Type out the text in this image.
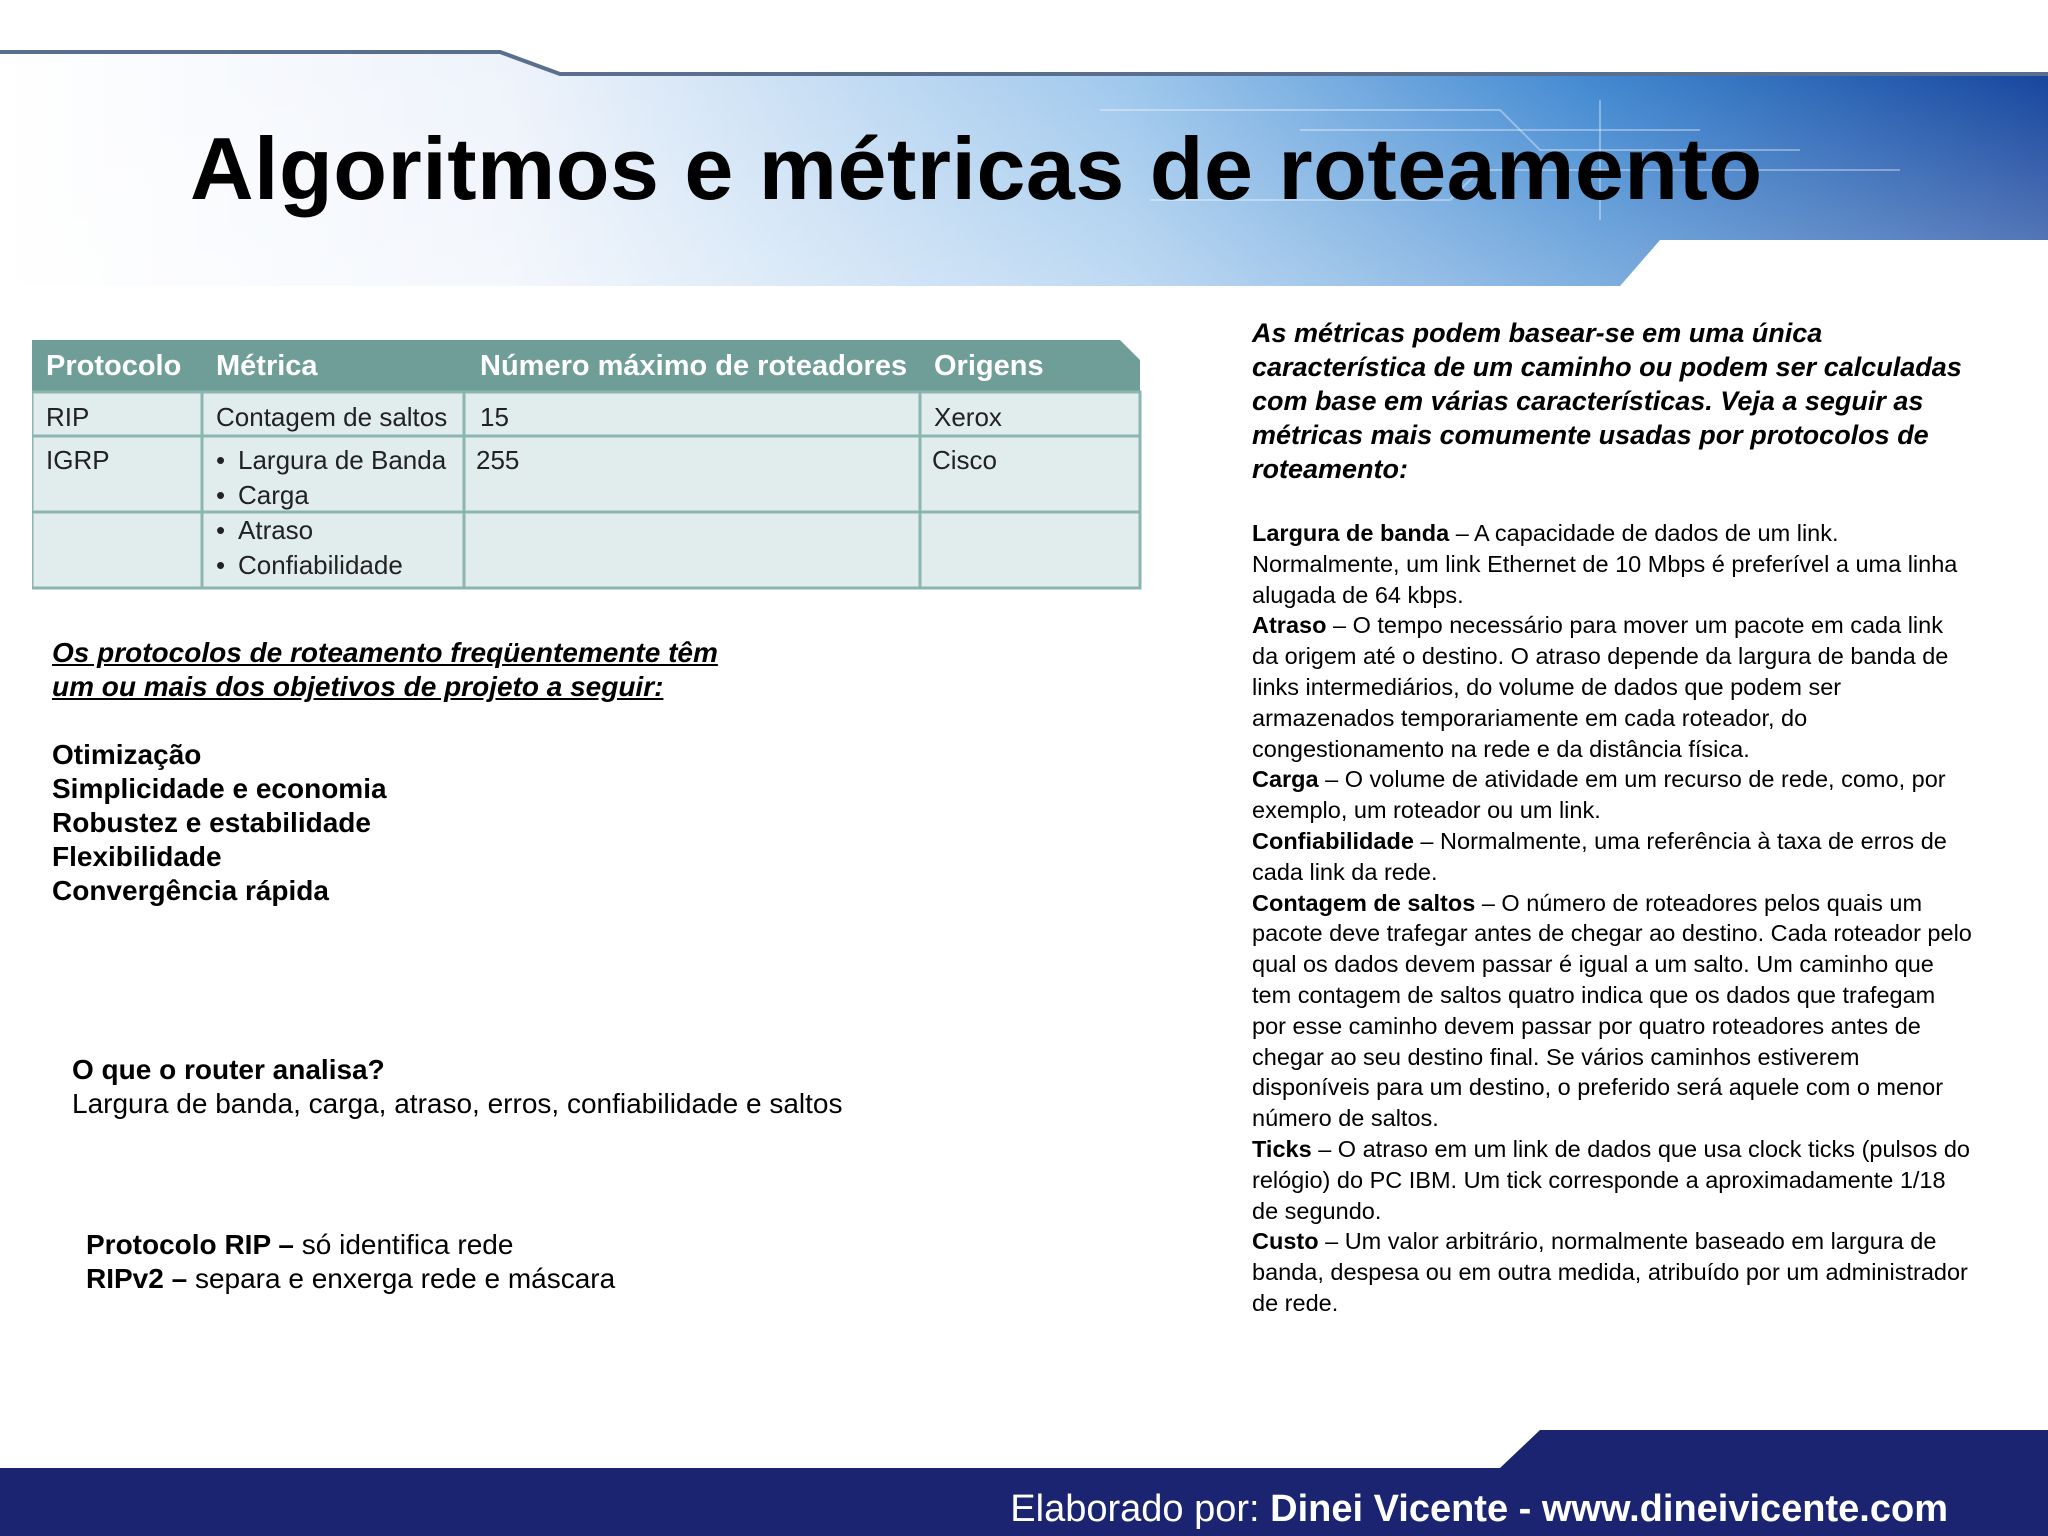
Algoritmos e métricas de roteamento
Protocolo Métrica	Número máximo de roteadores Origens
RIP	Contagem de saltos 15	Xerox
IGRP
•	Largura de Banda
• Carga
• Atraso
• Confiabilidade
255	Cisco
Os protocolos de roteamento freqüentemente têm
um ou mais dos objetivos de projeto a seguir:
Otimização
Simplicidade e economia
Robustez e estabilidade
Flexibilidade
Convergência rápida
O que o router analisa?
Largura de banda, carga, atraso, erros, confiabilidade e saltos
Protocolo RIP – só identifica rede
RIPv2 – separa e enxerga rede e máscara

As métricas podem basear-se em uma única característica de um caminho ou podem ser calculadas com base em várias características. Veja a seguir as métricas mais comumente usadas por protocolos de roteamento:

Largura de banda – A capacidade de dados de um link. Normalmente, um link Ethernet de 10 Mbps é preferível a uma linha alugada de 64 kbps.
Atraso – O tempo necessário para mover um pacote em cada link da origem até o destino. O atraso depende da largura de banda de links intermediários, do volume de dados que podem ser armazenados temporariamente em cada roteador, do congestionamento na rede e da distância física.
Carga – O volume de atividade em um recurso de rede, como, por exemplo, um roteador ou um link.
Confiabilidade – Normalmente, uma referência à taxa de erros de cada link da rede.
Contagem de saltos – O número de roteadores pelos quais um pacote deve trafegar antes de chegar ao destino. Cada roteador pelo qual os dados devem passar é igual a um salto. Um caminho que tem contagem de saltos quatro indica que os dados que trafegam por esse caminho devem passar por quatro roteadores antes de chegar ao seu destino final. Se vários caminhos estiverem disponíveis para um destino, o preferido será aquele com o menor número de saltos.
Ticks – O atraso em um link de dados que usa clock ticks (pulsos do relógio) do PC IBM. Um tick corresponde a aproximadamente 1/18 de segundo.
Custo – Um valor arbitrário, normalmente baseado em largura de banda, despesa ou em outra medida, atribuído por um administrador de rede.
Elaborado por: Dinei Vicente - www.dineivicente.com
